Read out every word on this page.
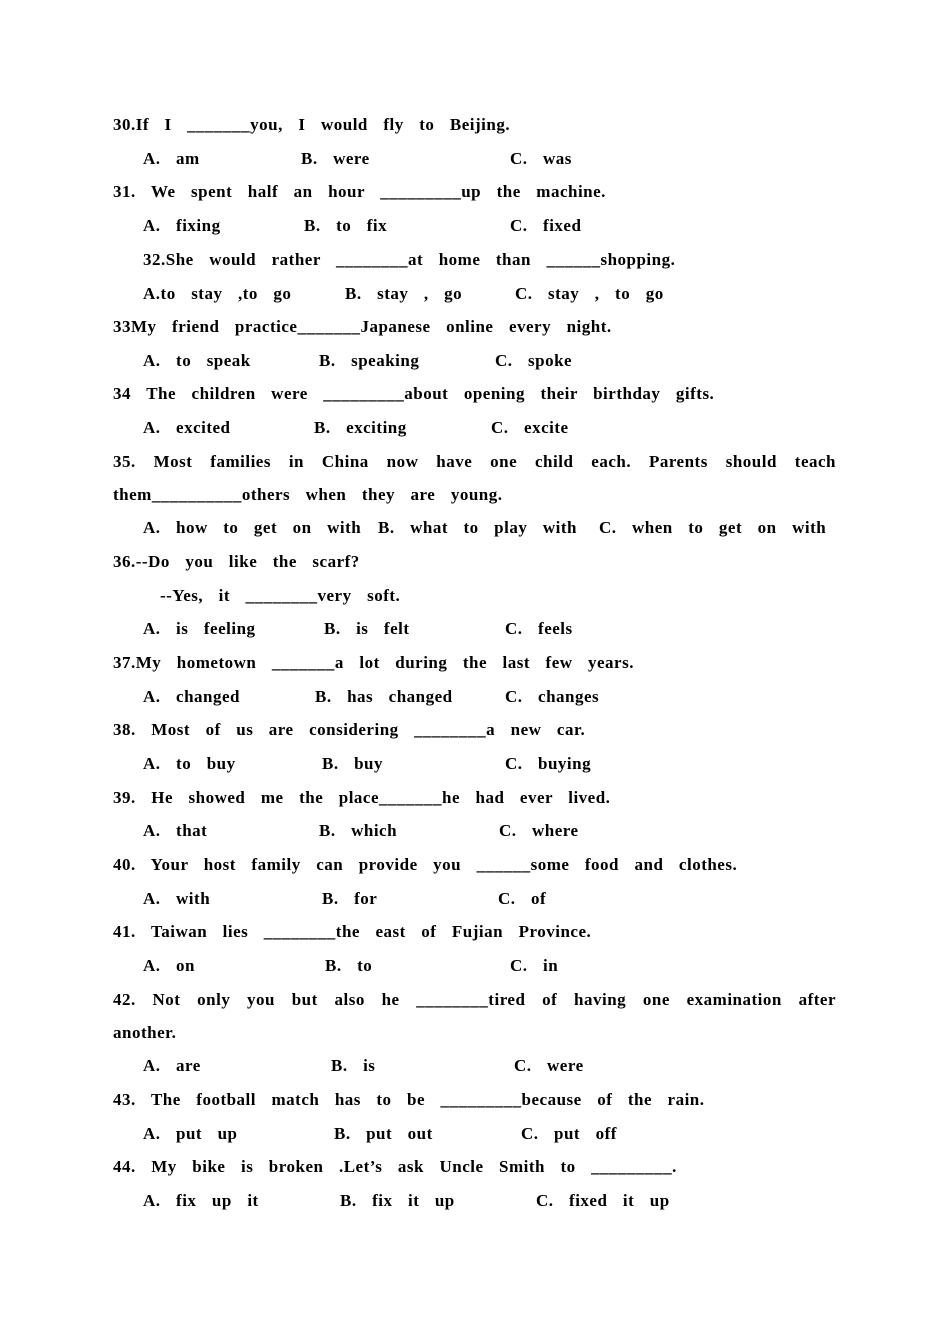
30.If  I  _______you,  I  would  fly  to  Beijing.
A.  am	B.  were	C.  was
31.  We  spent  half  an  hour  _________up  the  machine.
A.  fixing	B.  to  fix	C.  fixed
32.She  would  rather  ________at  home  than  ______shopping.
A.to  stay  ,to  go	B.  stay  ,  go	C.  stay  ,  to  go
33My  friend  practice_______Japanese  online  every  night.
A.  to  speak	B.  speaking	C.  spoke
34  The  children  were  _________about  opening  their  birthday  gifts.
A.  excited	B.  exciting	C.  excite
35.  Most  families  in  China  now  have  one  child  each.  Parents  should  teach
them__________others  when  they  are  young.
A.  how  to  get  on  with B.  what  to  play  with C.  when  to  get  on  with
36.--Do  you  like  the  scarf?
--Yes,  it  ________very  soft.
A.  is  feeling	B.  is  felt	C.  feels
37.My  hometown  _______a  lot  during  the  last  few  years.
A.  changed	B.  has  changed	C.  changes
38.  Most  of  us  are  considering  ________a  new  car.
A.  to  buy	B.  buy	C.  buying
39.  He  showed  me  the  place_______he  had  ever  lived.
A.  that	B.  which	C.  where
40.  Your  host  family  can  provide  you  ______some  food  and  clothes.
A.  with	B.  for	C.  of
41.  Taiwan  lies  ________the  east  of  Fujian  Province.
A.  on	B.  to	C.  in
42.  Not  only  you  but  also  he  ________tired  of  having  one  examination  after
another.
A.  are	B.  is	C.  were
43.  The  football  match  has  to  be  _________because  of  the  rain.
A.  put  up	B.  put  out	C.  put  off
44.  My  bike  is  broken  .Let’s  ask  Uncle  Smith  to  _________.
A.  fix  up  it	B.  fix  it  up	C.  fixed  it  up
